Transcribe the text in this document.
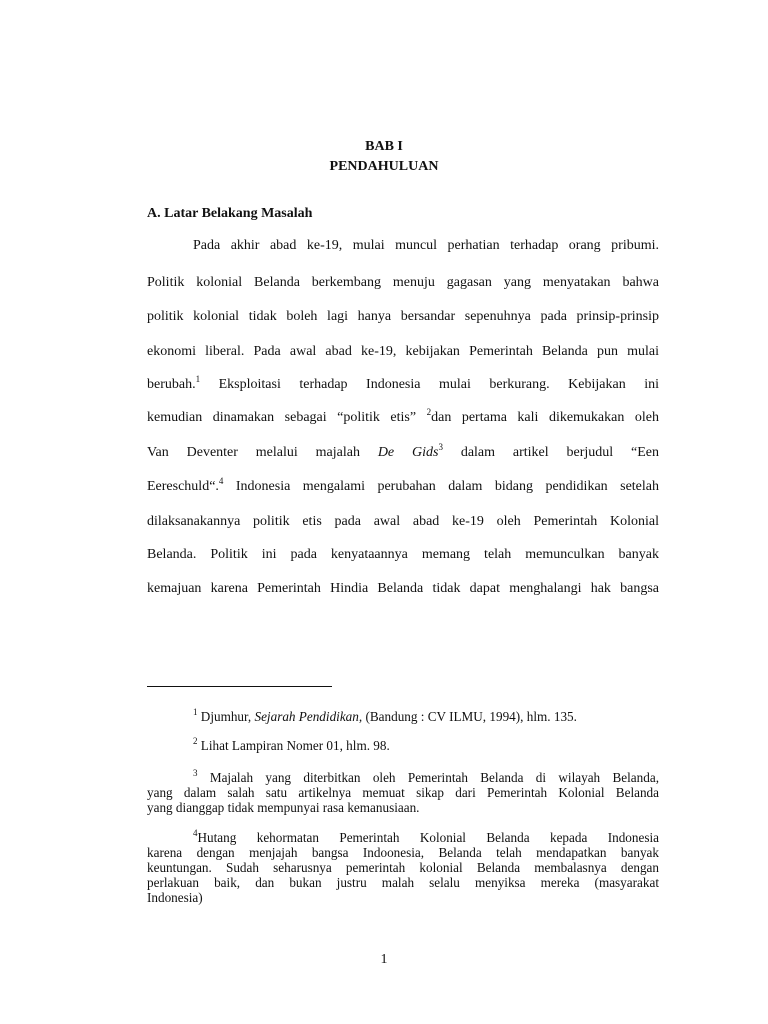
BAB I
PENDAHULUAN
A. Latar Belakang Masalah
Pada akhir abad ke-19, mulai muncul perhatian terhadap orang pribumi.
Politik kolonial Belanda berkembang menuju gagasan yang menyatakan bahwa
politik kolonial tidak boleh lagi hanya bersandar sepenuhnya pada prinsip-prinsip
ekonomi liberal. Pada awal abad ke-19, kebijakan Pemerintah Belanda pun mulai
berubah.$^1$ Eksploitasi terhadap Indonesia mulai berkurang. Kebijakan ini
kemudian dinamakan sebagai “politik etis” $^2$dan pertama kali dikemukakan oleh
Van Deventer melalui majalah De Gids$^3$ dalam artikel berjudul “Een
Eereschuld“.$^4$ Indonesia mengalami perubahan dalam bidang pendidikan setelah
dilaksanakannya politik etis pada awal abad ke-19 oleh Pemerintah Kolonial
Belanda. Politik ini pada kenyataannya memang telah memunculkan banyak
kemajuan karena Pemerintah Hindia Belanda tidak dapat menghalangi hak bangsa
$^1$ Djumhur, Sejarah Pendidikan, (Bandung : CV ILMU, 1994), hlm. 135.
$^2$ Lihat Lampiran Nomer 01, hlm. 98.
$^3$ Majalah yang diterbitkan oleh Pemerintah Belanda di wilayah Belanda,
yang dalam salah satu artikelnya memuat sikap dari Pemerintah Kolonial Belanda
yang dianggap tidak mempunyai rasa kemanusiaan.
$^4$Hutang kehormatan Pemerintah Kolonial Belanda kepada Indonesia
karena dengan menjajah bangsa Indoonesia, Belanda telah mendapatkan banyak
keuntungan. Sudah seharusnya pemerintah kolonial Belanda membalasnya dengan
perlakuan baik, dan bukan justru malah selalu menyiksa mereka (masyarakat
Indonesia)
1
